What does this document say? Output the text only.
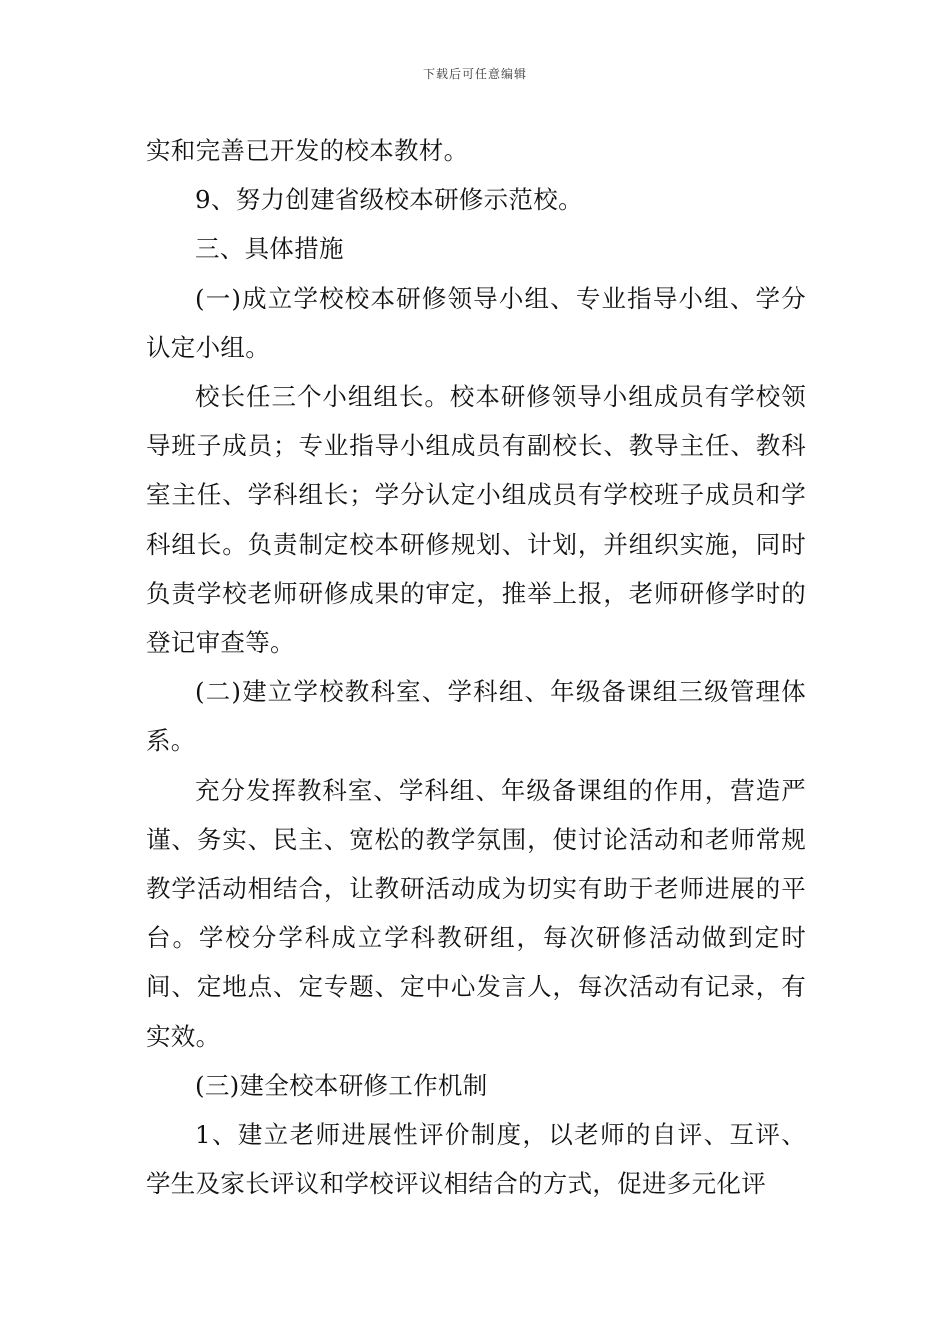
下载后可任意编辑

实和完善已开发的校本教材。

9、努力创建省级校本研修示范校。

三、具体措施

(一)成立学校校本研修领导小组、专业指导小组、学分认定小组。

校长任三个小组组长。校本研修领导小组成员有学校领导班子成员；专业指导小组成员有副校长、教导主任、教科室主任、学科组长；学分认定小组成员有学校班子成员和学科组长。负责制定校本研修规划、计划，并组织实施，同时负责学校老师研修成果的审定，推举上报，老师研修学时的登记审查等。

(二)建立学校教科室、学科组、年级备课组三级管理体系。

充分发挥教科室、学科组、年级备课组的作用，营造严谨、务实、民主、宽松的教学氛围，使讨论活动和老师常规教学活动相结合，让教研活动成为切实有助于老师进展的平台。学校分学科成立学科教研组，每次研修活动做到定时间、定地点、定专题、定中心发言人，每次活动有记录，有实效。

(三)建全校本研修工作机制

1、建立老师进展性评价制度，以老师的自评、互评、学生及家长评议和学校评议相结合的方式，促进多元化评
